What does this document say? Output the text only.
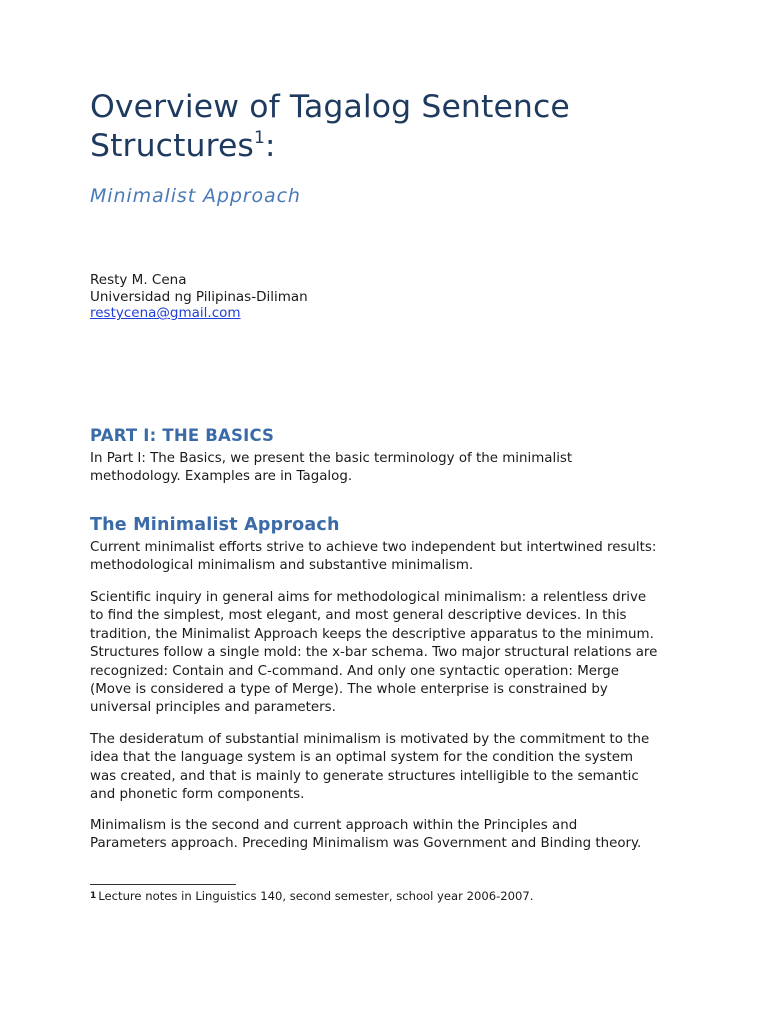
Overview of Tagalog Sentence Structures$^1$:

Minimalist Approach

Resty M. Cena
Universidad ng Pilipinas-Diliman
restycena@gmail.com
PART I: THE BASICS

In Part I: The Basics, we present the basic terminology of the minimalist
methodology. Examples are in Tagalog.

The Minimalist Approach

Current minimalist efforts strive to achieve two independent but intertwined results:
methodological minimalism and substantive minimalism.

Scientific inquiry in general aims for methodological minimalism: a relentless drive
to find the simplest, most elegant, and most general descriptive devices. In this
tradition, the Minimalist Approach keeps the descriptive apparatus to the minimum.
Structures follow a single mold: the x-bar schema. Two major structural relations are
recognized: Contain and C-command. And only one syntactic operation: Merge
(Move is considered a type of Merge). The whole enterprise is constrained by
universal principles and parameters.

The desideratum of substantial minimalism is motivated by the commitment to the
idea that the language system is an optimal system for the condition the system
was created, and that is mainly to generate structures intelligible to the semantic
and phonetic form components.

Minimalism is the second and current approach within the Principles and
Parameters approach. Preceding Minimalism was Government and Binding theory.

1 Lecture notes in Linguistics 140, second semester, school year 2006-2007.
